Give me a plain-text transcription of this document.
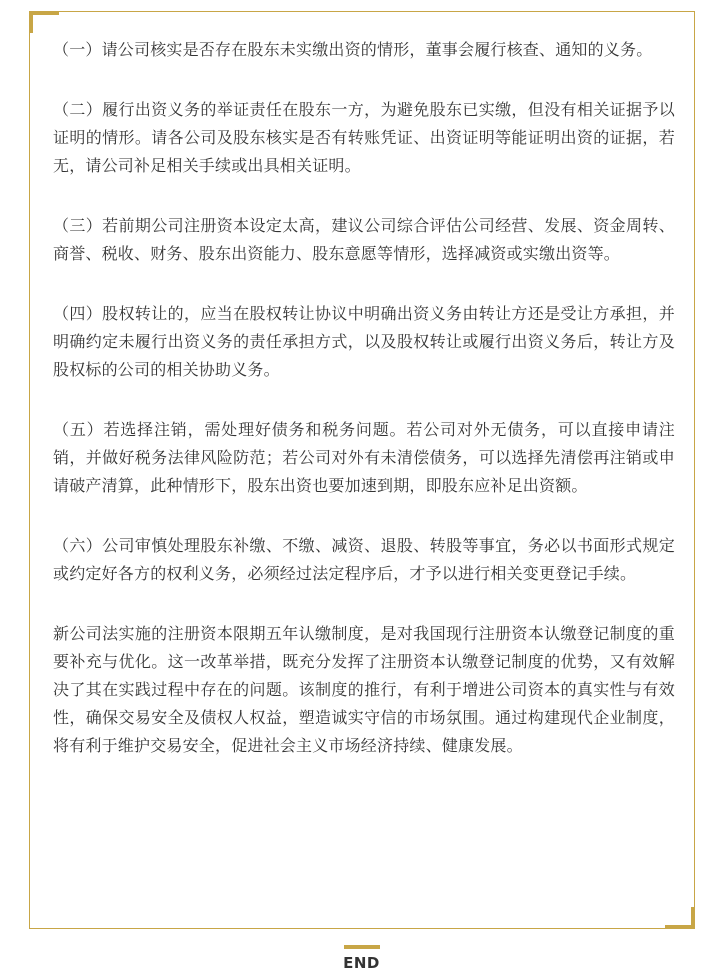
（一）请公司核实是否存在股东未实缴出资的情形，董事会履行核查、通知的义务。

（二）履行出资义务的举证责任在股东一方，为避免股东已实缴，但没有相关证据予以证明的情形。请各公司及股东核实是否有转账凭证、出资证明等能证明出资的证据，若无，请公司补足相关手续或出具相关证明。

（三）若前期公司注册资本设定太高，建议公司综合评估公司经营、发展、资金周转、商誉、税收、财务、股东出资能力、股东意愿等情形，选择减资或实缴出资等。

（四）股权转让的，应当在股权转让协议中明确出资义务由转让方还是受让方承担，并明确约定未履行出资义务的责任承担方式，以及股权转让或履行出资义务后，转让方及股权标的公司的相关协助义务。

（五）若选择注销，需处理好债务和税务问题。若公司对外无债务，可以直接申请注销，并做好税务法律风险防范；若公司对外有未清偿债务，可以选择先清偿再注销或申请破产清算，此种情形下，股东出资也要加速到期，即股东应补足出资额。

（六）公司审慎处理股东补缴、不缴、减资、退股、转股等事宜，务必以书面形式规定或约定好各方的权利义务，必须经过法定程序后，才予以进行相关变更登记手续。

新公司法实施的注册资本限期五年认缴制度，是对我国现行注册资本认缴登记制度的重要补充与优化。这一改革举措，既充分发挥了注册资本认缴登记制度的优势，又有效解决了其在实践过程中存在的问题。该制度的推行，有利于增进公司资本的真实性与有效性，确保交易安全及债权人权益，塑造诚实守信的市场氛围。通过构建现代企业制度，将有利于维护交易安全，促进社会主义市场经济持续、健康发展。

END
